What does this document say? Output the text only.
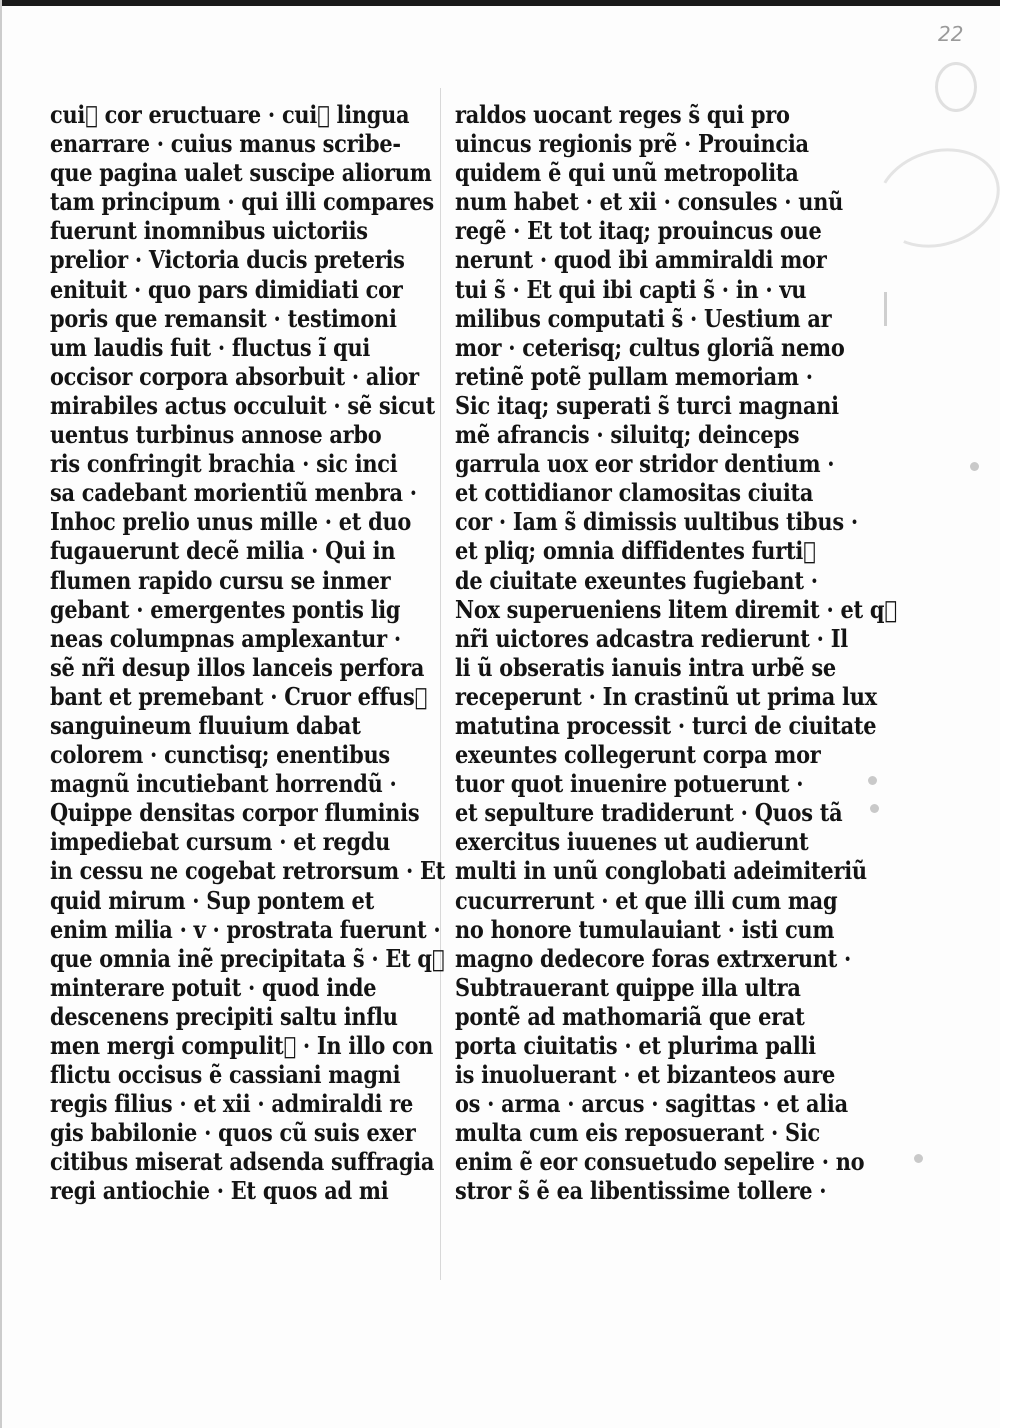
22
cuiᷓ cor eructuare · cuiᷓ lingua
enarrare · cuius manus scribe-
que pagina ualet suscipe aliorum
tam principum · qui illi compares
fuerunt inomnibus uictoriis
prelior · Victoria ducis preteris
enituit · quo pars dimidiati cor
poris que remansit · testimoni
um laudis fuit · fluctus ĩ qui
occisor corpora absorbuit · alior
mirabiles actus occuluit · sẽ sicut
uentus turbinus annose arbo
ris confringit brachia · sic inci
sa cadebant morientiũ menbra ·
Inhoc prelio unus mille · et duo
fugauerunt decẽ milia · Qui in
flumen rapido cursu se inmer
gebant · emergentes pontis lig
neas columpnas amplexantur ·
sẽ nr̃i desup illos lanceis perfora
bant et premebant · Cruor effusᷓ
sanguineum fluuium dabat
colorem · cunctisq; enentibus
magnũ incutiebant horrendũ ·
Quippe densitas corpor fluminis
impediebat cursum · et regdu
in cessu ne cogebat retrorsum · Et
quid mirum · Sup pontem et
enim milia · v · prostrata fuerunt ·
que omnia inẽ precipitata s̃ · Et qᷓ
minterare potuit · quod inde
descenens precipiti saltu influ
men mergi compulitᷓ · In illo con
flictu occisus ẽ cassiani magni
regis filius · et xii · admiraldi re
gis babilonie · quos cũ suis exer
citibus miserat adsenda suffragia
regi antiochie · Et quos ad mi
raldos uocant reges s̃ qui pro
uincus regionis prẽ · Prouincia
quidem ẽ qui unũ metropolita
num habet · et xii · consules · unũ
regẽ · Et tot itaq; prouincus oue
nerunt · quod ibi ammiraldi mor
tui s̃ · Et qui ibi capti s̃ · in · vu
milibus computati s̃ · Uestium ar
mor · ceterisq; cultus gloriã nemo
retinẽ potẽ pullam memoriam ·
Sic itaq; superati s̃ turci magnani
mẽ afrancis · siluitq; deinceps
garrula uox eor stridor dentium ·
et cottidianor clamositas ciuita
cor · Iam s̃ dimissis uultibus tibus ·
et pliq; omnia diffidentes furtiᷓ
de ciuitate exeuntes fugiebant ·
Nox superueniens litem diremit · et qᷓ
nr̃i uictores adcastra redierunt · Il
li ũ obseratis ianuis intra urbẽ se
receperunt · In crastinũ ut prima lux
matutina processit · turci de ciuitate
exeuntes collegerunt corpa mor
tuor quot inuenire potuerunt ·
et sepulture tradiderunt · Quos tã
exercitus iuuenes ut audierunt
multi in unũ conglobati adeimiteriũ
cucurrerunt · et que illi cum mag
no honore tumulauiant · isti cum
magno dedecore foras extrxerunt ·
Subtrauerant quippe illa ultra
pontẽ ad mathomariã que erat
porta ciuitatis · et plurima palli
is inuoluerant · et bizanteos aure
os · arma · arcus · sagittas · et alia
multa cum eis reposuerant · Sic
enim ẽ eor consuetudo sepelire · no
stror s̃ ẽ ea libentissime tollere ·
